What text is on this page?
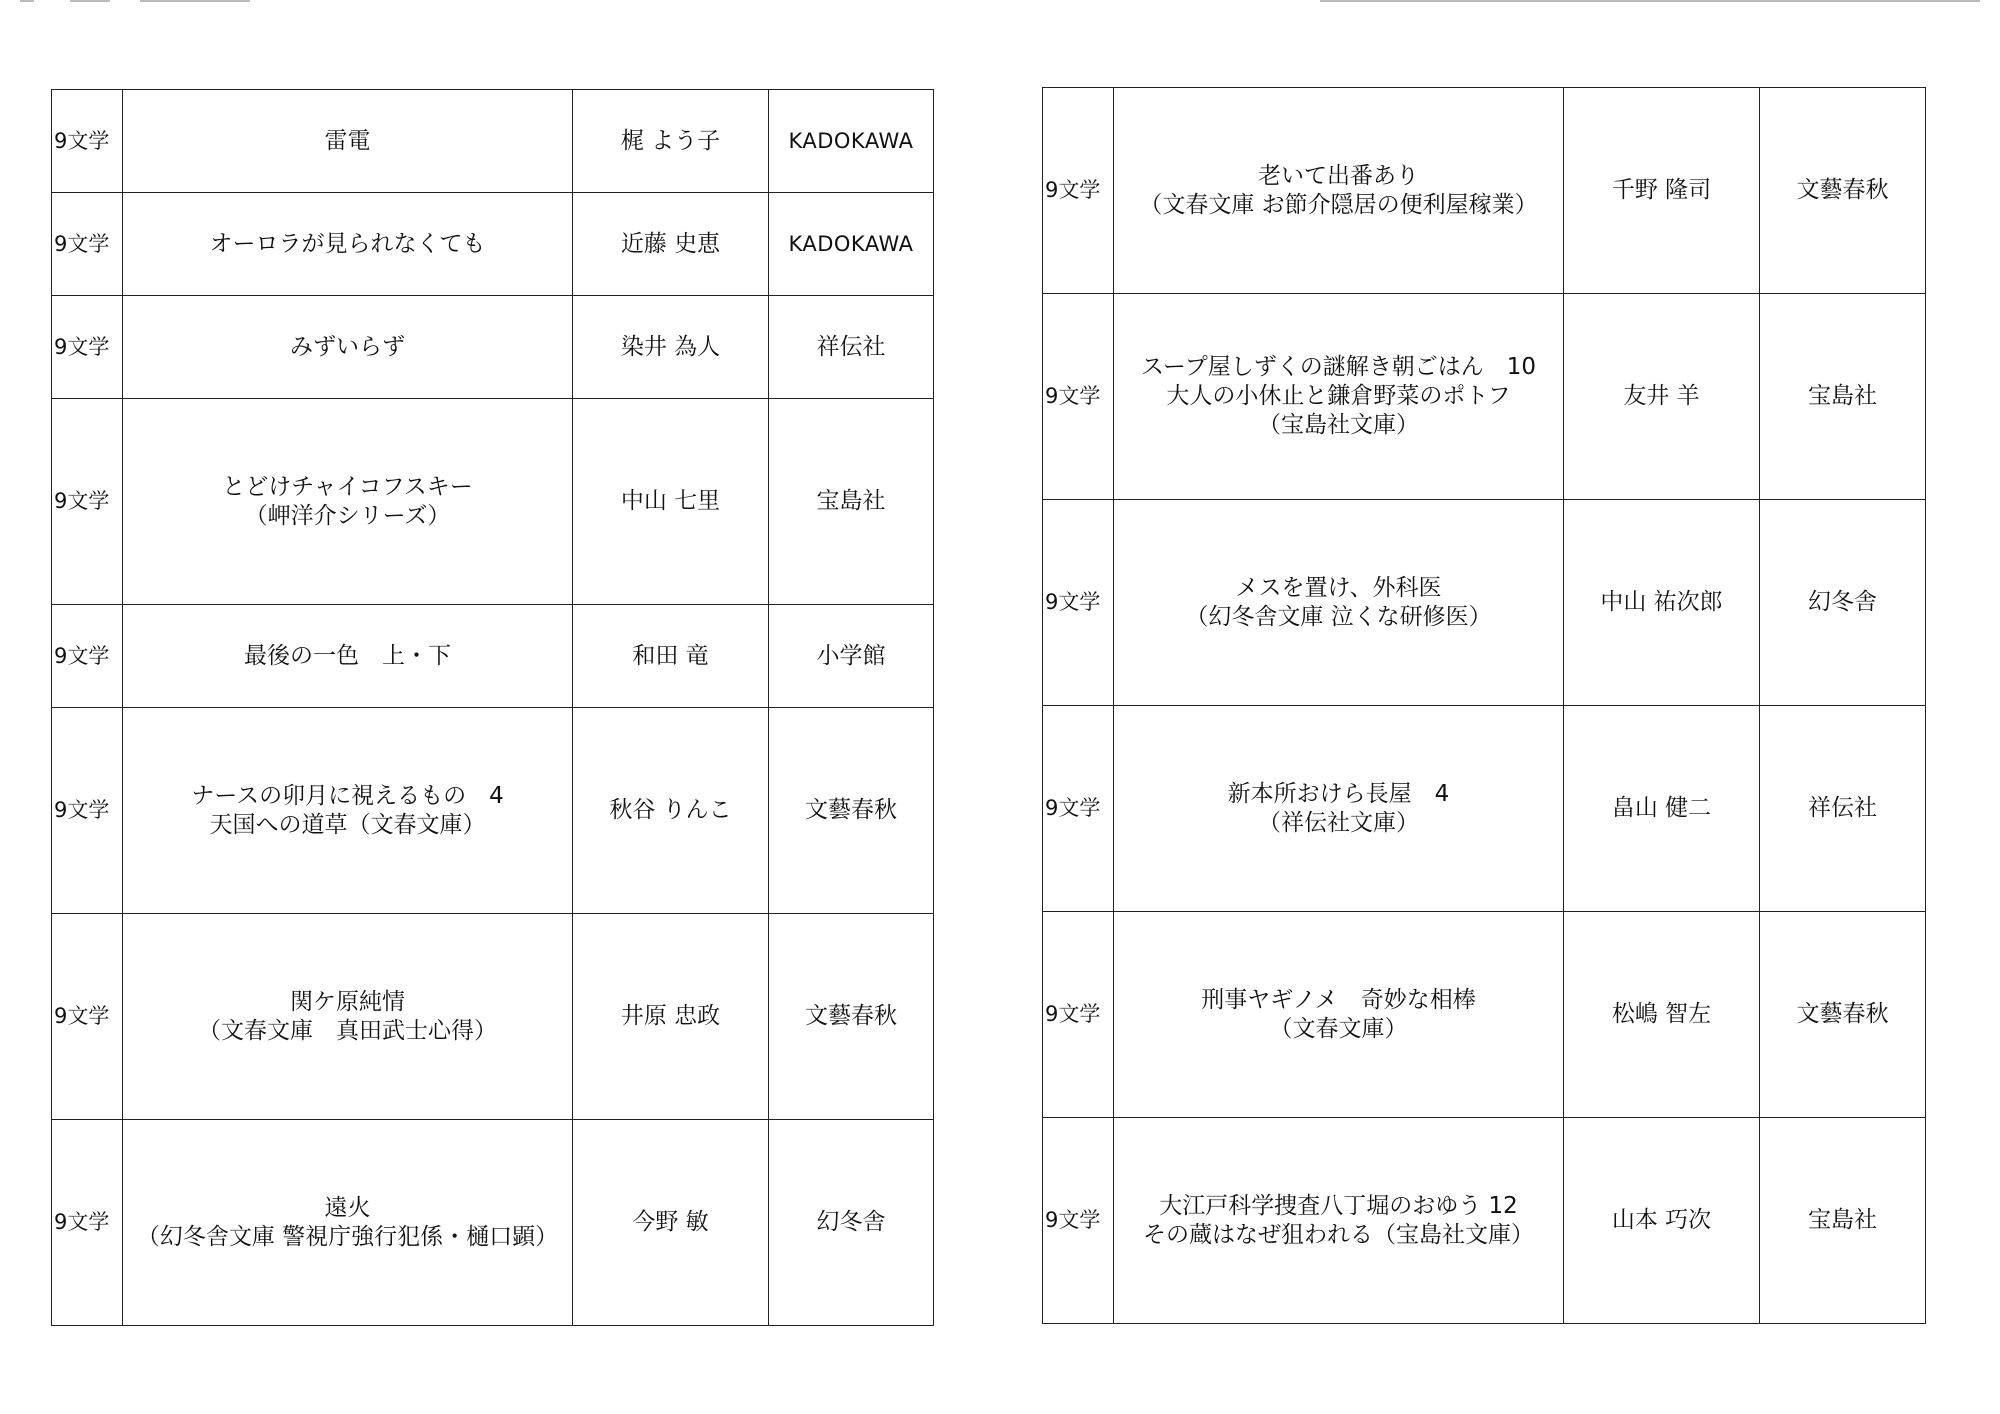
9文学	雷電	梶 よう子	KADOKAWA
9文学	オーロラが見られなくても	近藤 史恵	KADOKAWA
9文学	みずいらず	染井 為人	祥伝社
9文学	とどけチャイコフスキー
（岬洋介シリーズ）	中山 七里	宝島社
9文学	最後の一色　上・下	和田 竜	小学館
9文学	ナースの卯月に視えるもの　4
天国への道草（文春文庫）	秋谷 りんこ	文藝春秋
9文学	関ケ原純情
（文春文庫　真田武士心得）	井原 忠政	文藝春秋
9文学	遠火
（幻冬舎文庫 警視庁強行犯係・樋口顕）	今野 敏	幻冬舎
9文学	老いて出番あり
（文春文庫 お節介隠居の便利屋稼業）	千野 隆司	文藝春秋
9文学	スープ屋しずくの謎解き朝ごはん　10
大人の小休止と鎌倉野菜のポトフ
（宝島社文庫）	友井 羊	宝島社
9文学	メスを置け、外科医
（幻冬舎文庫 泣くな研修医）	中山 祐次郎	幻冬舎
9文学	新本所おけら長屋　4
（祥伝社文庫）	畠山 健二	祥伝社
9文学	刑事ヤギノメ　奇妙な相棒
（文春文庫）	松嶋 智左	文藝春秋
9文学	大江戸科学捜査八丁堀のおゆう 12
その蔵はなぜ狙われる（宝島社文庫）	山本 巧次	宝島社
